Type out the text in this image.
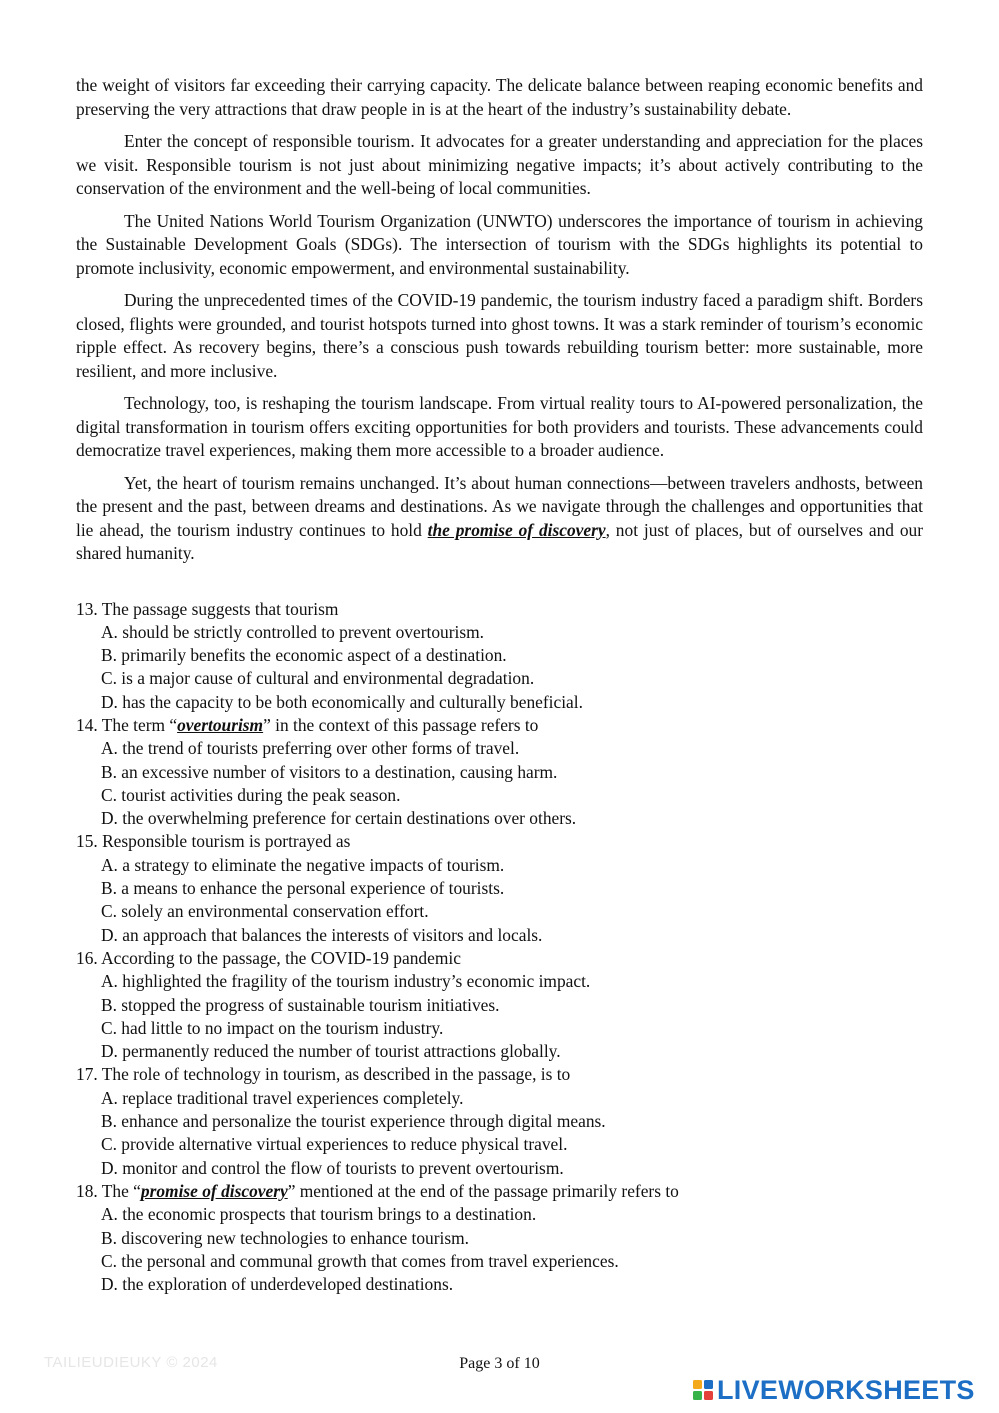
the weight of visitors far exceeding their carrying capacity. The delicate balance between reaping economic benefits and preserving the very attractions that draw people in is at the heart of the industry’s sustainability debate.

Enter the concept of responsible tourism. It advocates for a greater understanding and appreciation for the places we visit. Responsible tourism is not just about minimizing negative impacts; it’s about actively contributing to the conservation of the environment and the well-being of local communities.

The United Nations World Tourism Organization (UNWTO) underscores the importance of tourism in achieving the Sustainable Development Goals (SDGs). The intersection of tourism with the SDGs highlights its potential to promote inclusivity, economic empowerment, and environmental sustainability.

During the unprecedented times of the COVID-19 pandemic, the tourism industry faced a paradigm shift. Borders closed, flights were grounded, and tourist hotspots turned into ghost towns. It was a stark reminder of tourism’s economic ripple effect. As recovery begins, there’s a conscious push towards rebuilding tourism better: more sustainable, more resilient, and more inclusive.

Technology, too, is reshaping the tourism landscape. From virtual reality tours to AI-powered personalization, the digital transformation in tourism offers exciting opportunities for both providers and tourists. These advancements could democratize travel experiences, making them more accessible to a broader audience.

Yet, the heart of tourism remains unchanged. It’s about human connections—between travelers andhosts, between the present and the past, between dreams and destinations. As we navigate through the challenges and opportunities that lie ahead, the tourism industry continues to hold the promise of discovery, not just of places, but of ourselves and our shared humanity.

13. The passage suggests that tourism

A. should be strictly controlled to prevent overtourism.

B. primarily benefits the economic aspect of a destination.

C. is a major cause of cultural and environmental degradation.

D. has the capacity to be both economically and culturally beneficial.

14. The term “overtourism” in the context of this passage refers to

A. the trend of tourists preferring over other forms of travel.

B. an excessive number of visitors to a destination, causing harm.

C. tourist activities during the peak season.

D. the overwhelming preference for certain destinations over others.

15. Responsible tourism is portrayed as

A. a strategy to eliminate the negative impacts of tourism.

B. a means to enhance the personal experience of tourists.

C. solely an environmental conservation effort.

D. an approach that balances the interests of visitors and locals.

16. According to the passage, the COVID-19 pandemic

A. highlighted the fragility of the tourism industry’s economic impact.

B. stopped the progress of sustainable tourism initiatives.

C. had little to no impact on the tourism industry.

D. permanently reduced the number of tourist attractions globally.

17. The role of technology in tourism, as described in the passage, is to

A. replace traditional travel experiences completely.

B. enhance and personalize the tourist experience through digital means.

C. provide alternative virtual experiences to reduce physical travel.

D. monitor and control the flow of tourists to prevent overtourism.

18. The “promise of discovery” mentioned at the end of the passage primarily refers to

A. the economic prospects that tourism brings to a destination.

B. discovering new technologies to enhance tourism.

C. the personal and communal growth that comes from travel experiences.

D. the exploration of underdeveloped destinations.

TAILIEUDIEUKY © 2024	Page 3 of 10
LIVEWORKSHEETS
